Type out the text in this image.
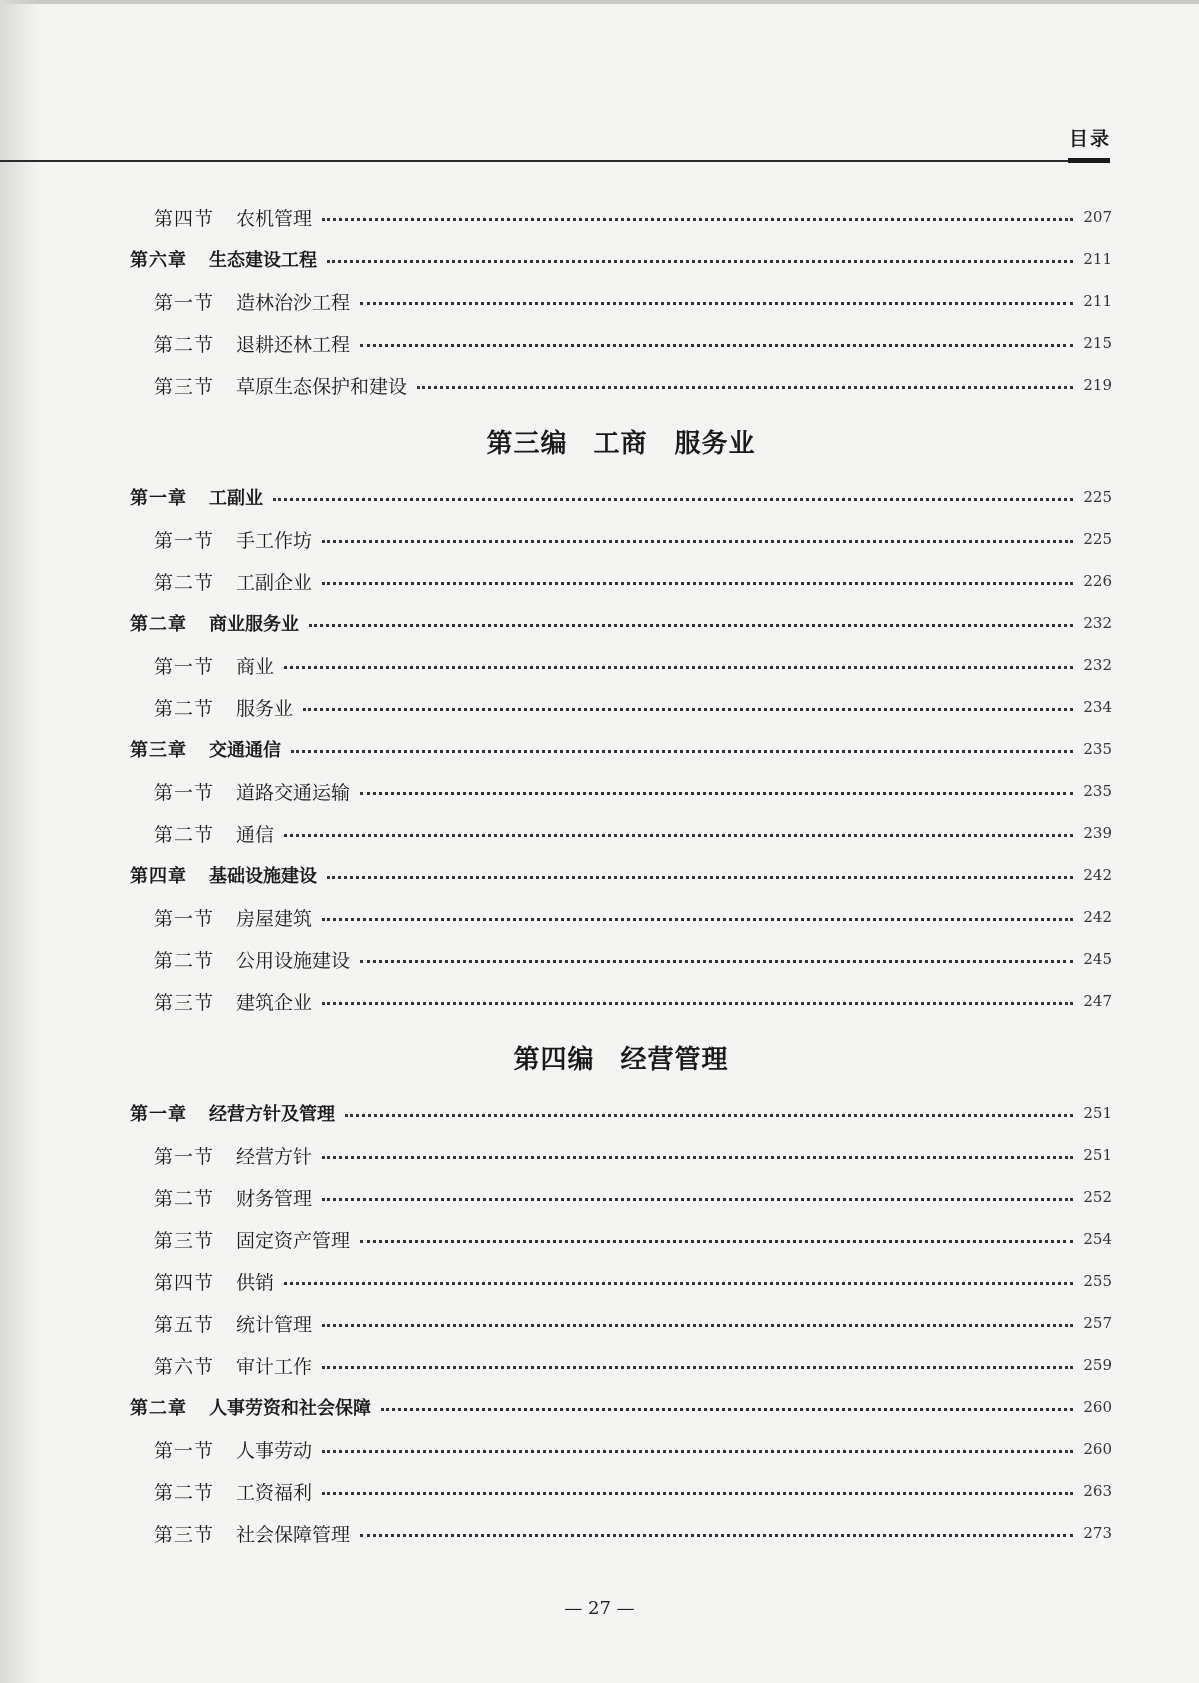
目录
第四节 农机管理	207
第六章 生态建设工程	211
第一节 造林治沙工程	211
第二节 退耕还林工程	215
第三节 草原生态保护和建设	219
第三编 工商　服务业
第一章 工副业	225
第一节 手工作坊	225
第二节 工副企业	226
第二章 商业服务业	232
第一节 商业	232
第二节 服务业	234
第三章 交通通信	235
第一节 道路交通运输	235
第二节 通信	239
第四章 基础设施建设	242
第一节 房屋建筑	242
第二节 公用设施建设	245
第三节 建筑企业	247
第四编 经营管理
第一章 经营方针及管理	251
第一节 经营方针	251
第二节 财务管理	252
第三节 固定资产管理	254
第四节 供销	255
第五节 统计管理	257
第六节 审计工作	259
第二章 人事劳资和社会保障	260
第一节 人事劳动	260
第二节 工资福利	263
第三节 社会保障管理	273
— 27 —
